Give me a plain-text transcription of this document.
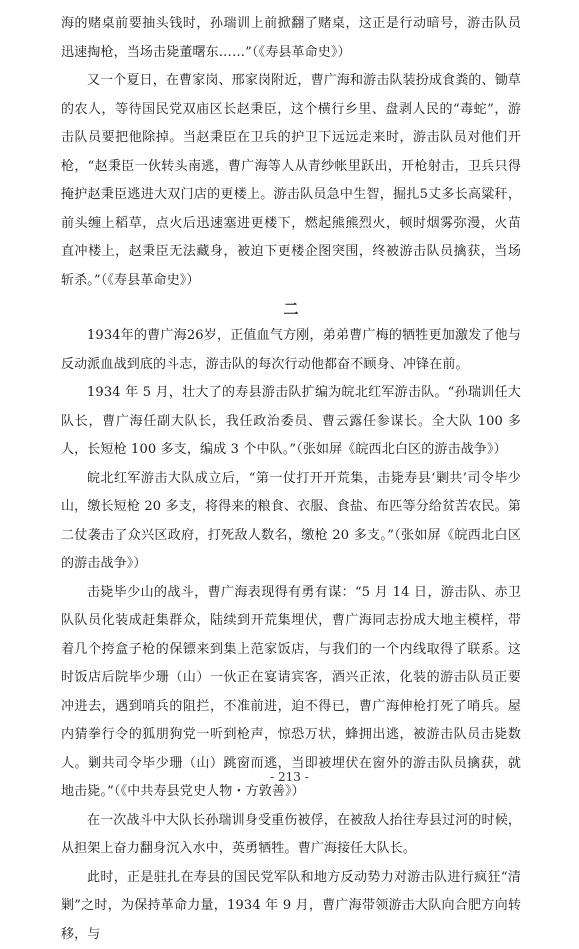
海的赌桌前要抽头钱时，孙瑞训上前掀翻了赌桌，这正是行动暗号，游击队员迅速掏枪，当场击毙董曙东……”（《寿县革命史》）

又一个夏日，在曹家岗、邢家岗附近，曹广海和游击队装扮成食粪的、锄草的农人，等待国民党双庙区长赵秉臣，这个横行乡里、盘剥人民的“毒蛇”，游击队员要把他除掉。当赵秉臣在卫兵的护卫下远远走来时，游击队员对他们开枪，“赵秉臣一伙转头南逃，曹广海等人从青纱帐里跃出，开枪射击，卫兵只得掩护赵秉臣逃进大双门店的更楼上。游击队员急中生智，掘扎5丈多长高粱秆，前头缠上稻草，点火后迅速塞进更楼下，燃起熊熊烈火，顿时烟雾弥漫，火苗直冲楼上，赵秉臣无法藏身，被迫下更楼企图突围，终被游击队员擒获，当场斩杀。”（《寿县革命史》）

二

1934年的曹广海26岁，正值血气方刚，弟弟曹广梅的牺牲更加激发了他与反动派血战到底的斗志，游击队的每次行动他都奋不顾身、冲锋在前。

1934 年 5 月，壮大了的寿县游击队扩编为皖北红军游击队。“孙瑞训任大队长，曹广海任副大队长，我任政治委员、曹云露任参谋长。全大队 100 多人，长短枪 100 多支，编成 3 个中队。”（张如屏《皖西北白区的游击战争》）

皖北红军游击大队成立后，“第一仗打开开荒集，击毙寿县‘剿共’司令毕少山，缴长短枪 20 多支，将得来的粮食、衣服、食盐、布匹等分给贫苦农民。第二仗袭击了众兴区政府，打死敌人数名，缴枪 20 多支。”（张如屏《皖西北白区的游击战争》）

击毙毕少山的战斗，曹广海表现得有勇有谋：“5 月 14 日，游击队、赤卫队队员化装成赶集群众，陆续到开荒集埋伏，曹广海同志扮成大地主模样，带着几个挎盒子枪的保镖来到集上范家饭店，与我们的一个内线取得了联系。这时饭店后院毕少珊（山）一伙正在宴请宾客，酒兴正浓，化装的游击队员正要冲进去，遇到哨兵的阻拦，不准前进，迫不得已，曹广海伸枪打死了哨兵。屋内猜拳行令的狐朋狗党一听到枪声，惊恐万状，蜂拥出逃，被游击队员击毙数人。剿共司令毕少珊（山）跳窗而逃，当即被埋伏在窗外的游击队员擒获，就地击毙。”（《中共寿县党史人物・方敦善》）

在一次战斗中大队长孙瑞训身受重伤被俘，在被敌人抬往寿县过河的时候，从担架上奋力翻身沉入水中，英勇牺牲。曹广海接任大队长。

此时，正是驻扎在寿县的国民党军队和地方反动势力对游击队进行疯狂“清剿”之时，为保持革命力量，1934 年 9 月，曹广海带领游击大队向合肥方向转移，与

- 213 -
